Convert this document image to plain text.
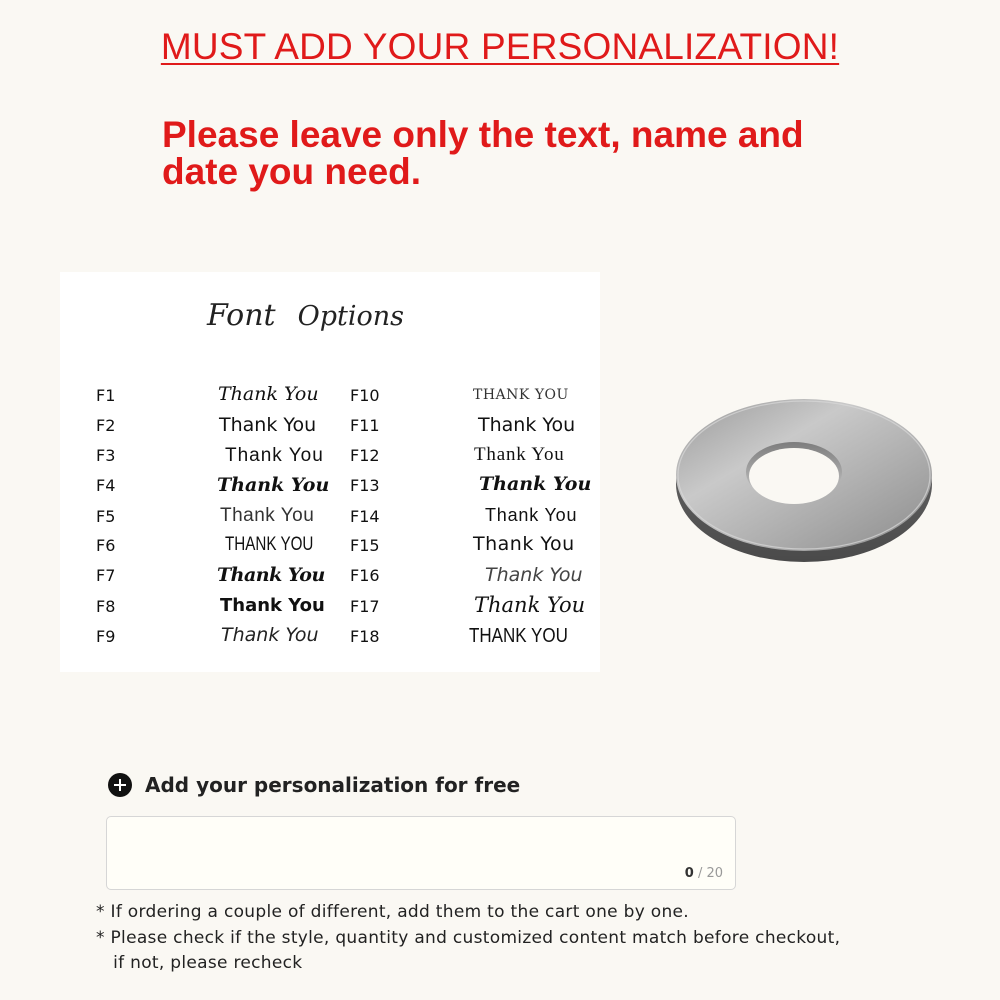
MUST ADD YOUR PERSONALIZATION!
Please leave only the text, name and
date you need.
Font Options
F1	Thank You
F2	Thank You
F3	Thank You
F4	Thank You
F5	Thank You
F6	THANK YOU
F7	Thank You
F8	Thank You
F9	Thank You
F10	THANK YOU
F11	Thank You
F12	Thank You
F13	Thank You
F14	Thank You
F15	Thank You
F16	Thank You
F17	Thank You
F18	THANK YOU
Add your personalization for free
0 / 20
* If ordering a couple of different, add them to the cart one by one.
* Please check if the style, quantity and customized content match before checkout,
if not, please recheck
